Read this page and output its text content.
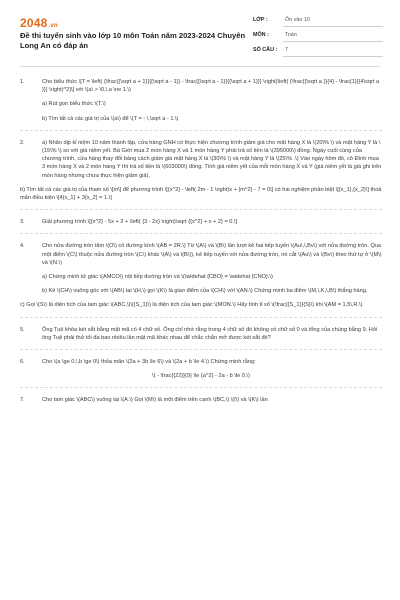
2048.vn
Đề thi tuyển sinh vào lớp 10 môn Toán năm 2023-2024 Chuyên Long An có đáp án
LỚP :	Ôn vào 10
MÔN :	Toán
SỐ CÂU : 7
1.	Cho biểu thức \[T = \left( {\frac{{\sqrt a + 1}}{{\sqrt a - 1}} - \frac{{\sqrt a - 1}}{{\sqrt a + 1}}} \right)\left( {\frac{{\sqrt a }}{4} - \frac{1}{{4\sqrt a }}} \right)^2}\] với \(a\ > \0,\,a \ne 1.\)
a) Rút gọn biểu thức \(T.\)
b) Tìm tất cả các giá trị của \(a\) để \(T = - \,\sqrt a - 1.\)
2.	a) Nhân dịp kỉ niệm 10 năm thành lập, cửa hàng GNH có thực hiện chương trình giảm giá cho mặt hàng X là \(20\% \) và mặt hàng Y là \(15\% \) so với giá niêm yết. Bà Giới mua 2 món hàng X và 1 món hàng Y phải trả số tiền là \(395000\) đồng. Ngày cuối cùng của chương trình, cửa hàng thay đổi bảng cách giảm giá mặt hàng X là \(30\% \) và mặt hàng Y là \(25\% .\) Vào ngày hôm đó, cô Đình mua 3 món hàng X và 2 món hàng Y thì trả số tiền là \(603000\) đồng. Tính giá niêm yết của mỗi món hàng X và Y (giá niêm yết là giá ghi trên món hàng nhưng chưa thực hiện giảm giá).
b) Tìm tất cả các giá trị của tham số \[m\] để phương trình \[{x^2} - \left( 2m - 1 \right)x + {m^2} - 7 = 0\] có hai nghiệm phân biệt \[{x_1},{x_2}\] thoả mãn điều kiện \[4{x_1} + 3{x_2} = 1.\]
3.	Giải phương trình \[{x^2} - 5x + 2 + \left( {3 - 2x} \right)\sqrt {{x^2} + x + 2} = 0.\]
4.	Cho nửa đường tròn tâm \(O\) có đường kính \(AB = 2R.\) Từ \(A\) và \(B\) lần lượt kẻ hai tiếp tuyến \(Au\,\,Bv\) với nửa đường tròn. Qua một điểm \(C\) thuộc nửa đường tròn \(C\) khác \(A\) và \(B\)), kẻ tiếp tuyến với nửa đường tròn, nó cắt \(Au\) và \(Bv\) theo thứ tự ở \(M\) và \(N.\)
a) Chứng minh tứ giác \(AMCO\) nội tiếp đường tròn và \(\widehat {CBO} = \widehat {CNO}.\)
b) Kẻ \(CH\) vuông góc với \(AB\) tại \(H,\) gọi \(K\) là giao điểm của \(CH\) với \(AN.\) Chứng minh ba điểm \(M,\,K,\,B\) thẳng hàng.
c) Gọi \(S\) là diện tích của tam giác \(ABC,\)\({S_1}\) là diện tích của tam giác \(MON.\) Hãy tính tỉ số \(\frac{{S_1}}{S}\) khi \(AM = 1,5\,R.\)
5.	Ông Tuệ khóa két sắt bằng mật mã có 4 chữ số. Ông chỉ nhớ rằng trong 4 chữ số đó không có chữ số 0 và tổng của chúng bằng 9. Hỏi ông Tuệ phải thử tối đa bao nhiêu lần mật mã khác nhau để chắc chắn mở được két sắt đó?
6.	Cho \(a \ge 0,\,b \ge 0\) thỏa mãn \(2a + 3b \le 6\) và \(2a + b \le 4.\) Chứng minh rằng:
\( - \frac{{22}}{9} \le {a^2} - 2a - b \le 0.\)
7.	Cho tam giác \(ABC\) vuông tại \(A.\) Gọi \(M\) là một điểm trên cạnh \(BC,\) \(I\) và \(K\) lần
